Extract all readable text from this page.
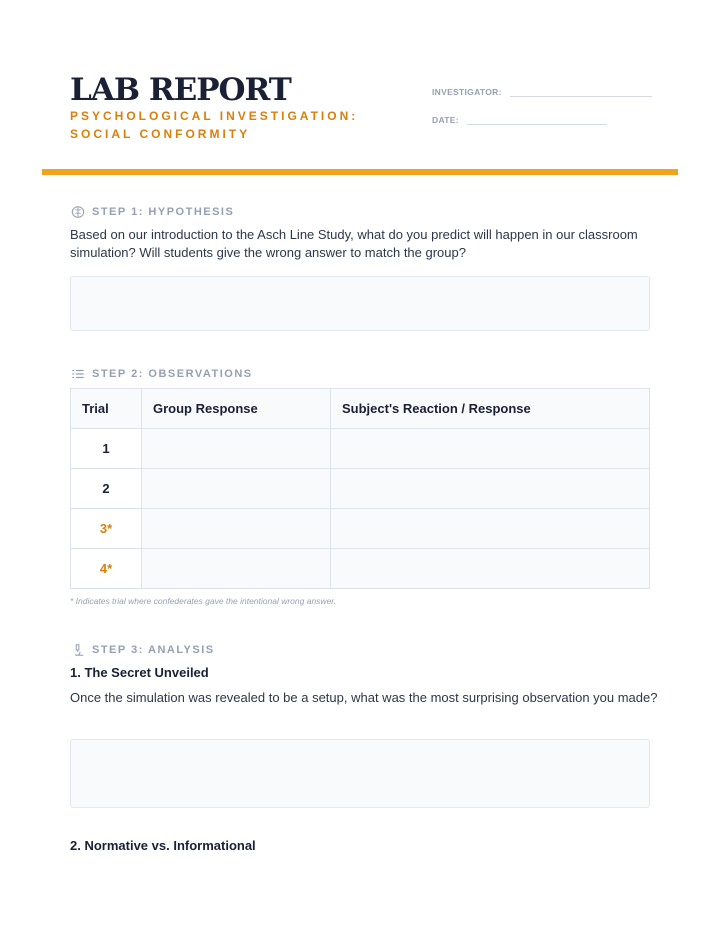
LAB REPORT
PSYCHOLOGICAL INVESTIGATION: SOCIAL CONFORMITY
INVESTIGATOR:
DATE:
STEP 1: HYPOTHESIS
Based on our introduction to the Asch Line Study, what do you predict will happen in our classroom simulation? Will students give the wrong answer to match the group?
STEP 2: OBSERVATIONS
Trial	Group Response	Subject's Reaction / Response
1		
2		
3*		
4*		
* Indicates trial where confederates gave the intentional wrong answer.
STEP 3: ANALYSIS
1. The Secret Unveiled
Once the simulation was revealed to be a setup, what was the most surprising observation you made?
2. Normative vs. Informational
